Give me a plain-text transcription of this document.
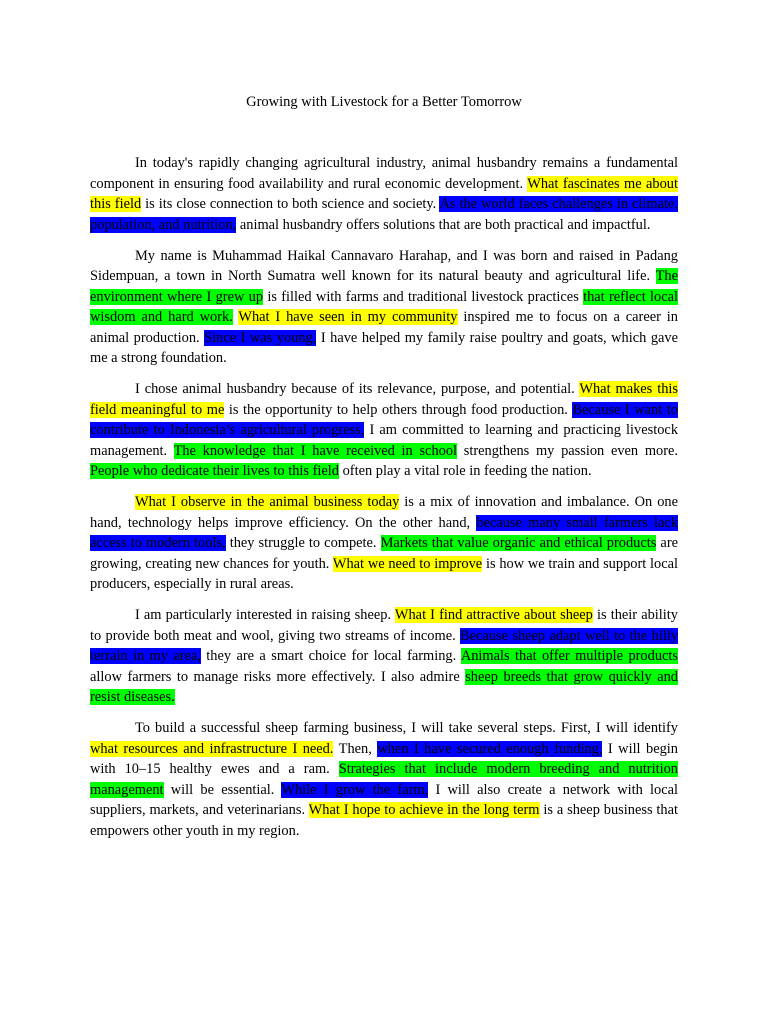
Growing with Livestock for a Better Tomorrow

In today's rapidly changing agricultural industry, animal husbandry remains a fundamental component in ensuring food availability and rural economic development. What fascinates me about this field is its close connection to both science and society. As the world faces challenges in climate, population, and nutrition, animal husbandry offers solutions that are both practical and impactful.

My name is Muhammad Haikal Cannavaro Harahap, and I was born and raised in Padang Sidempuan, a town in North Sumatra well known for its natural beauty and agricultural life. The environment where I grew up is filled with farms and traditional livestock practices that reflect local wisdom and hard work. What I have seen in my community inspired me to focus on a career in animal production. Since I was young, I have helped my family raise poultry and goats, which gave me a strong foundation.

I chose animal husbandry because of its relevance, purpose, and potential. What makes this field meaningful to me is the opportunity to help others through food production. Because I want to contribute to Indonesia’s agricultural progress, I am committed to learning and practicing livestock management. The knowledge that I have received in school strengthens my passion even more. People who dedicate their lives to this field often play a vital role in feeding the nation.

What I observe in the animal business today is a mix of innovation and imbalance. On one hand, technology helps improve efficiency. On the other hand, because many small farmers lack access to modern tools, they struggle to compete. Markets that value organic and ethical products are growing, creating new chances for youth. What we need to improve is how we train and support local producers, especially in rural areas.

I am particularly interested in raising sheep. What I find attractive about sheep is their ability to provide both meat and wool, giving two streams of income. Because sheep adapt well to the hilly terrain in my area, they are a smart choice for local farming. Animals that offer multiple products allow farmers to manage risks more effectively. I also admire sheep breeds that grow quickly and resist diseases.

To build a successful sheep farming business, I will take several steps. First, I will identify what resources and infrastructure I need. Then, when I have secured enough funding, I will begin with 10–15 healthy ewes and a ram. Strategies that include modern breeding and nutrition management will be essential. While I grow the farm, I will also create a network with local suppliers, markets, and veterinarians. What I hope to achieve in the long term is a sheep business that empowers other youth in my region.
